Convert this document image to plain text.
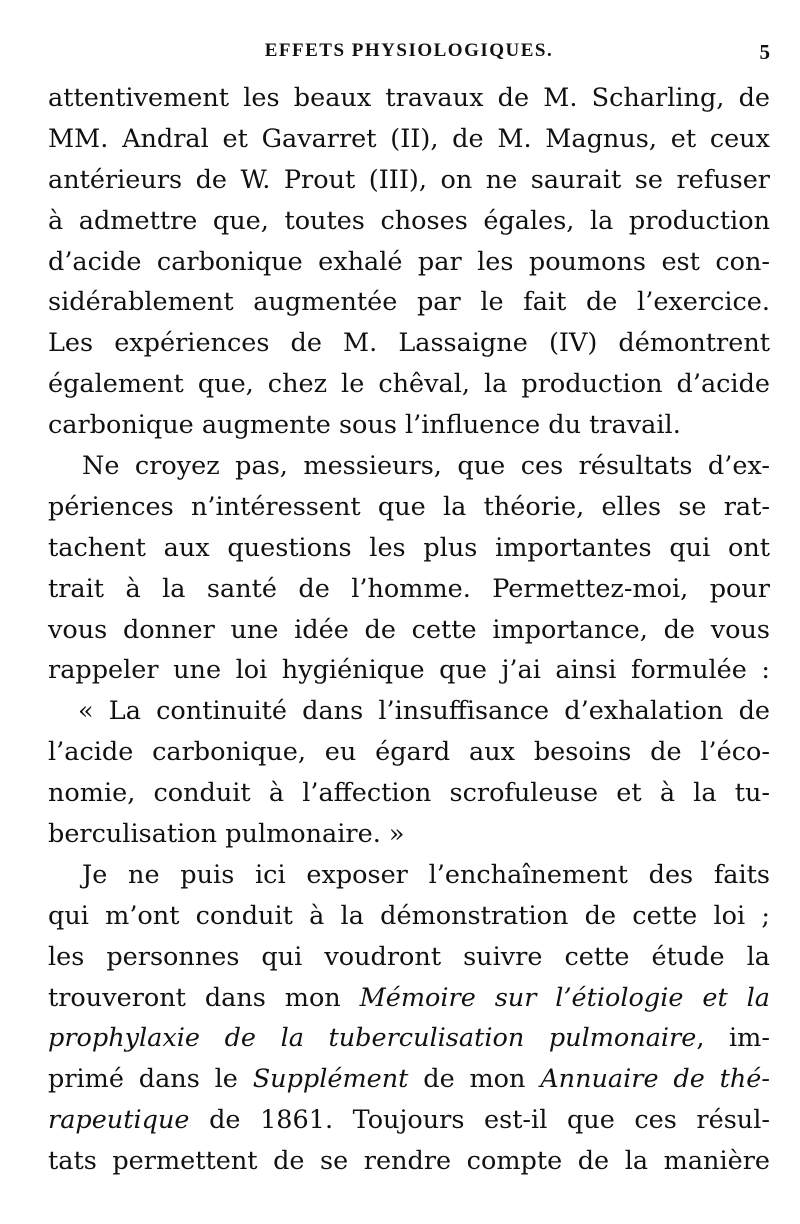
EFFETS PHYSIOLOGIQUES.	5
attentivement les beaux travaux de M. Scharling, de
MM. Andral et Gavarret (II), de M. Magnus, et ceux
antérieurs de W. Prout (III), on ne saurait se refuser
à admettre que, toutes choses égales, la production
d’acide carbonique exhalé par les poumons est con-
sidérablement augmentée par le fait de l’exercice.
Les expériences de M. Lassaigne (IV) démontrent
également que, chez le chêval, la production d’acide
carbonique augmente sous l’influence du travail.
Ne croyez pas, messieurs, que ces résultats d’ex-
périences n’intéressent que la théorie, elles se rat-
tachent aux questions les plus importantes qui ont
trait à la santé de l’homme. Permettez-moi, pour
vous donner une idée de cette importance, de vous
rappeler une loi hygiénique que j’ai ainsi formulée :
« La continuité dans l’insuffisance d’exhalation de
l’acide carbonique, eu égard aux besoins de l’éco-
nomie, conduit à l’affection scrofuleuse et à la tu-
berculisation pulmonaire. »
Je ne puis ici exposer l’enchaînement des faits
qui m’ont conduit à la démonstration de cette loi ;
les personnes qui voudront suivre cette étude la
trouveront dans mon Mémoire sur l’étiologie et la
prophylaxie de la tuberculisation pulmonaire, im-
primé dans le Supplément de mon Annuaire de thé-
rapeutique de 1861. Toujours est-il que ces résul-
tats permettent de se rendre compte de la manière
